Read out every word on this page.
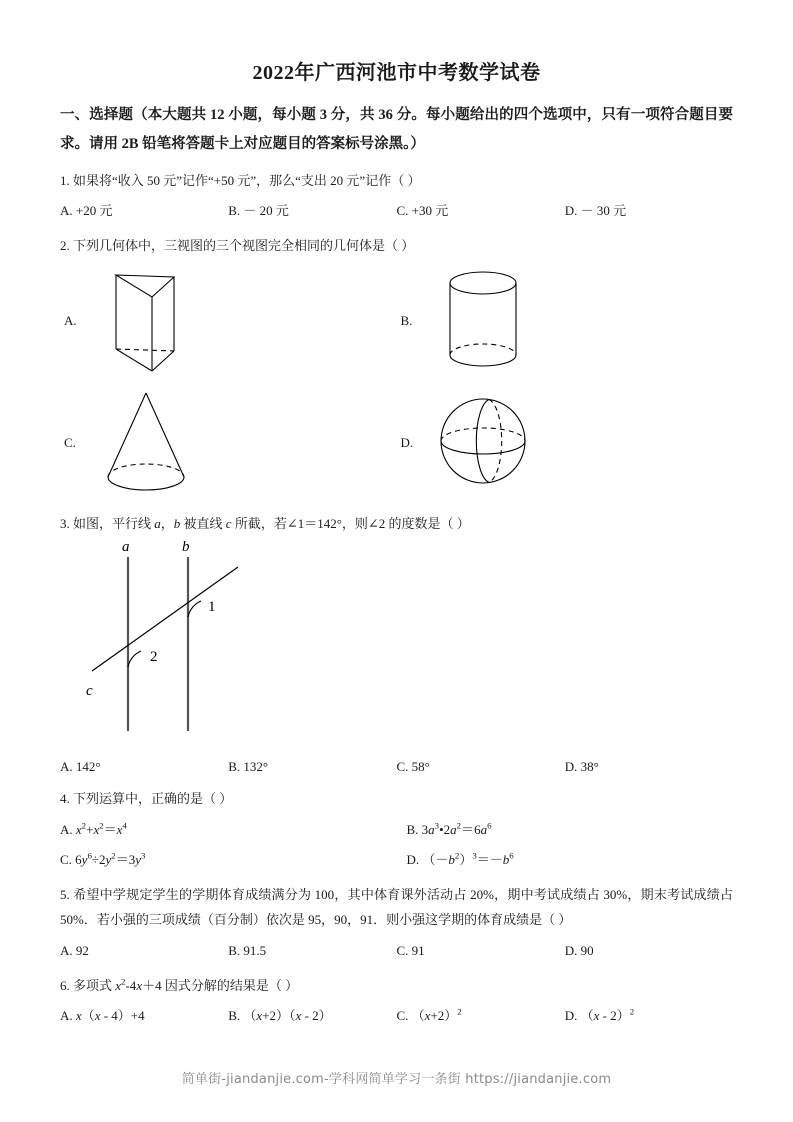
2022年广西河池市中考数学试卷
一、选择题（本大题共 12 小题，每小题 3 分，共 36 分。每小题给出的四个选项中，只有一项符合题目要求。请用 2B 铅笔将答题卡上对应题目的答案标号涂黑。）
1. 如果将“收入 50 元”记作“+50 元”，那么“支出 20 元”记作（ ）
A. +20 元	B. － 20 元	C. +30 元	D. － 30 元
2. 下列几何体中，三视图的三个视图完全相同的几何体是（ ）
A.	B.
C.	D.
3. 如图，平行线 a，b 被直线 c 所截，若∠1＝142°，则∠2 的度数是（ ）
a	b
c
1
2
A. 142°	B. 132°	C. 58°	D. 38°
4. 下列运算中，正确的是（ ）
A. $x^2+x^2=x^4$	B. $3a^3•2a^2=6a^6$
C. $6y^6\div 2y^2=3y^3$	D. $(-b^2)^3=-b^6$
5. 希望中学规定学生的学期体育成绩满分为 100，其中体育课外活动占 20%，期中考试成绩占 30%，期末考试成绩占 50%．若小强的三项成绩（百分制）依次是 95，90，91．则小强这学期的体育成绩是（ ）
A. 92	B. 91.5	C. 91	D. 90
6. 多项式 $x^2-4x+4$ 因式分解的结果是（ ）
A. x（x - 4）+4	B. （x+2）（x - 2）	C. $(x+2)^2$	D. （x - 2）$^2$
简单街-jiandanjie.com-学科网简单学习一条街 https://jiandanjie.com
